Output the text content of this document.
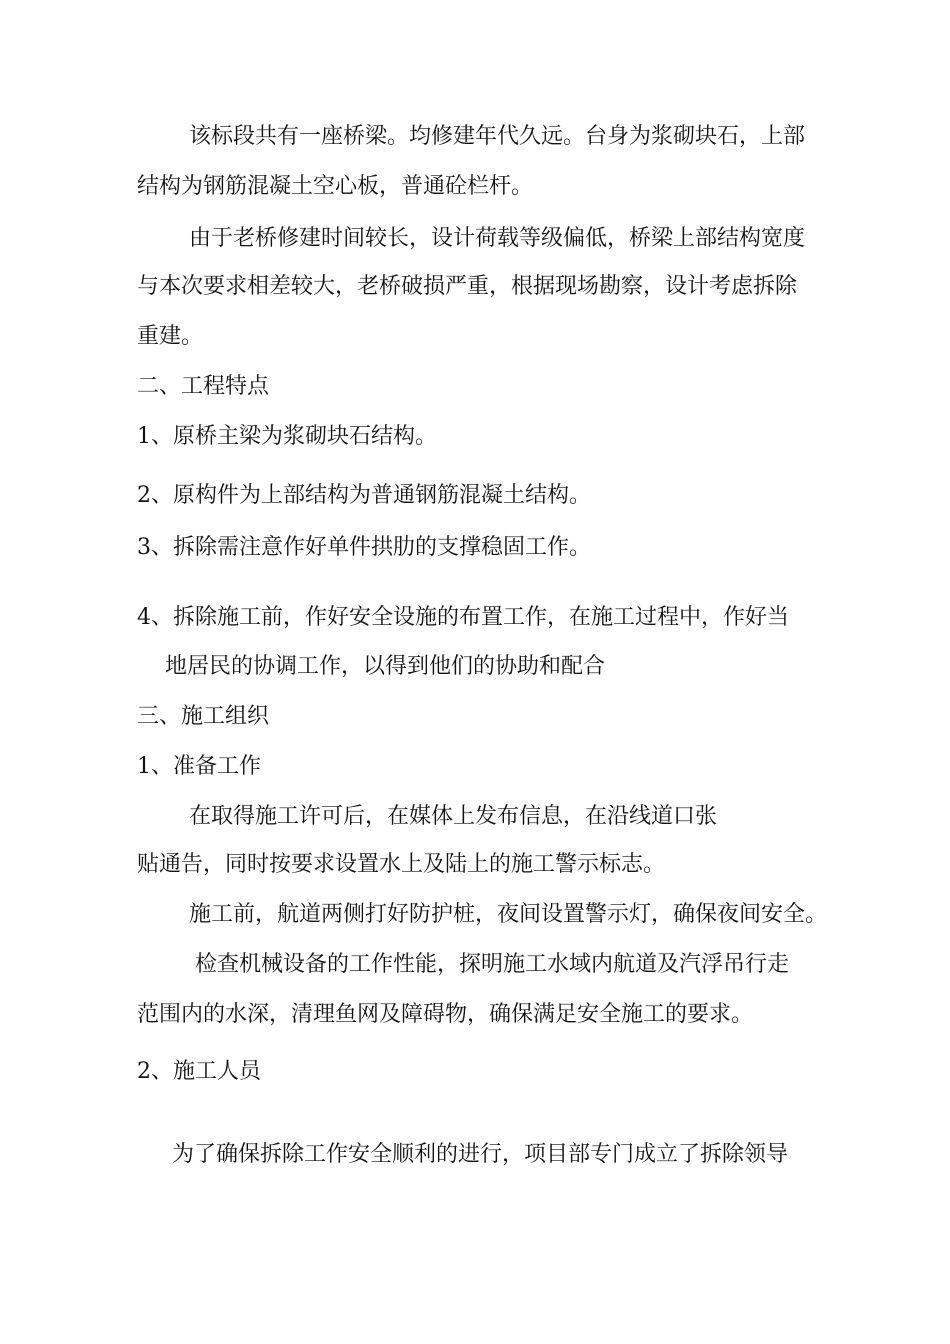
该标段共有一座桥梁。均修建年代久远。台身为浆砌块石，上部
结构为钢筋混凝土空心板，普通砼栏杆。
由于老桥修建时间较长，设计荷载等级偏低，桥梁上部结构宽度
与本次要求相差较大，老桥破损严重，根据现场勘察，设计考虑拆除
重建。
二、工程特点
1、原桥主梁为浆砌块石结构。
2、原构件为上部结构为普通钢筋混凝土结构。
3、拆除需注意作好单件拱肋的支撑稳固工作。
4、拆除施工前，作好安全设施的布置工作，在施工过程中，作好当
地居民的协调工作，以得到他们的协助和配合
三、施工组织
1、准备工作
在取得施工许可后，在媒体上发布信息，在沿线道口张
贴通告，同时按要求设置水上及陆上的施工警示标志。
施工前，航道两侧打好防护桩，夜间设置警示灯，确保夜间安全。
检查机械设备的工作性能，探明施工水域内航道及汽浮吊行走
范围内的水深，清理鱼网及障碍物，确保满足安全施工的要求。
2、施工人员
为了确保拆除工作安全顺利的进行，项目部专门成立了拆除领导
